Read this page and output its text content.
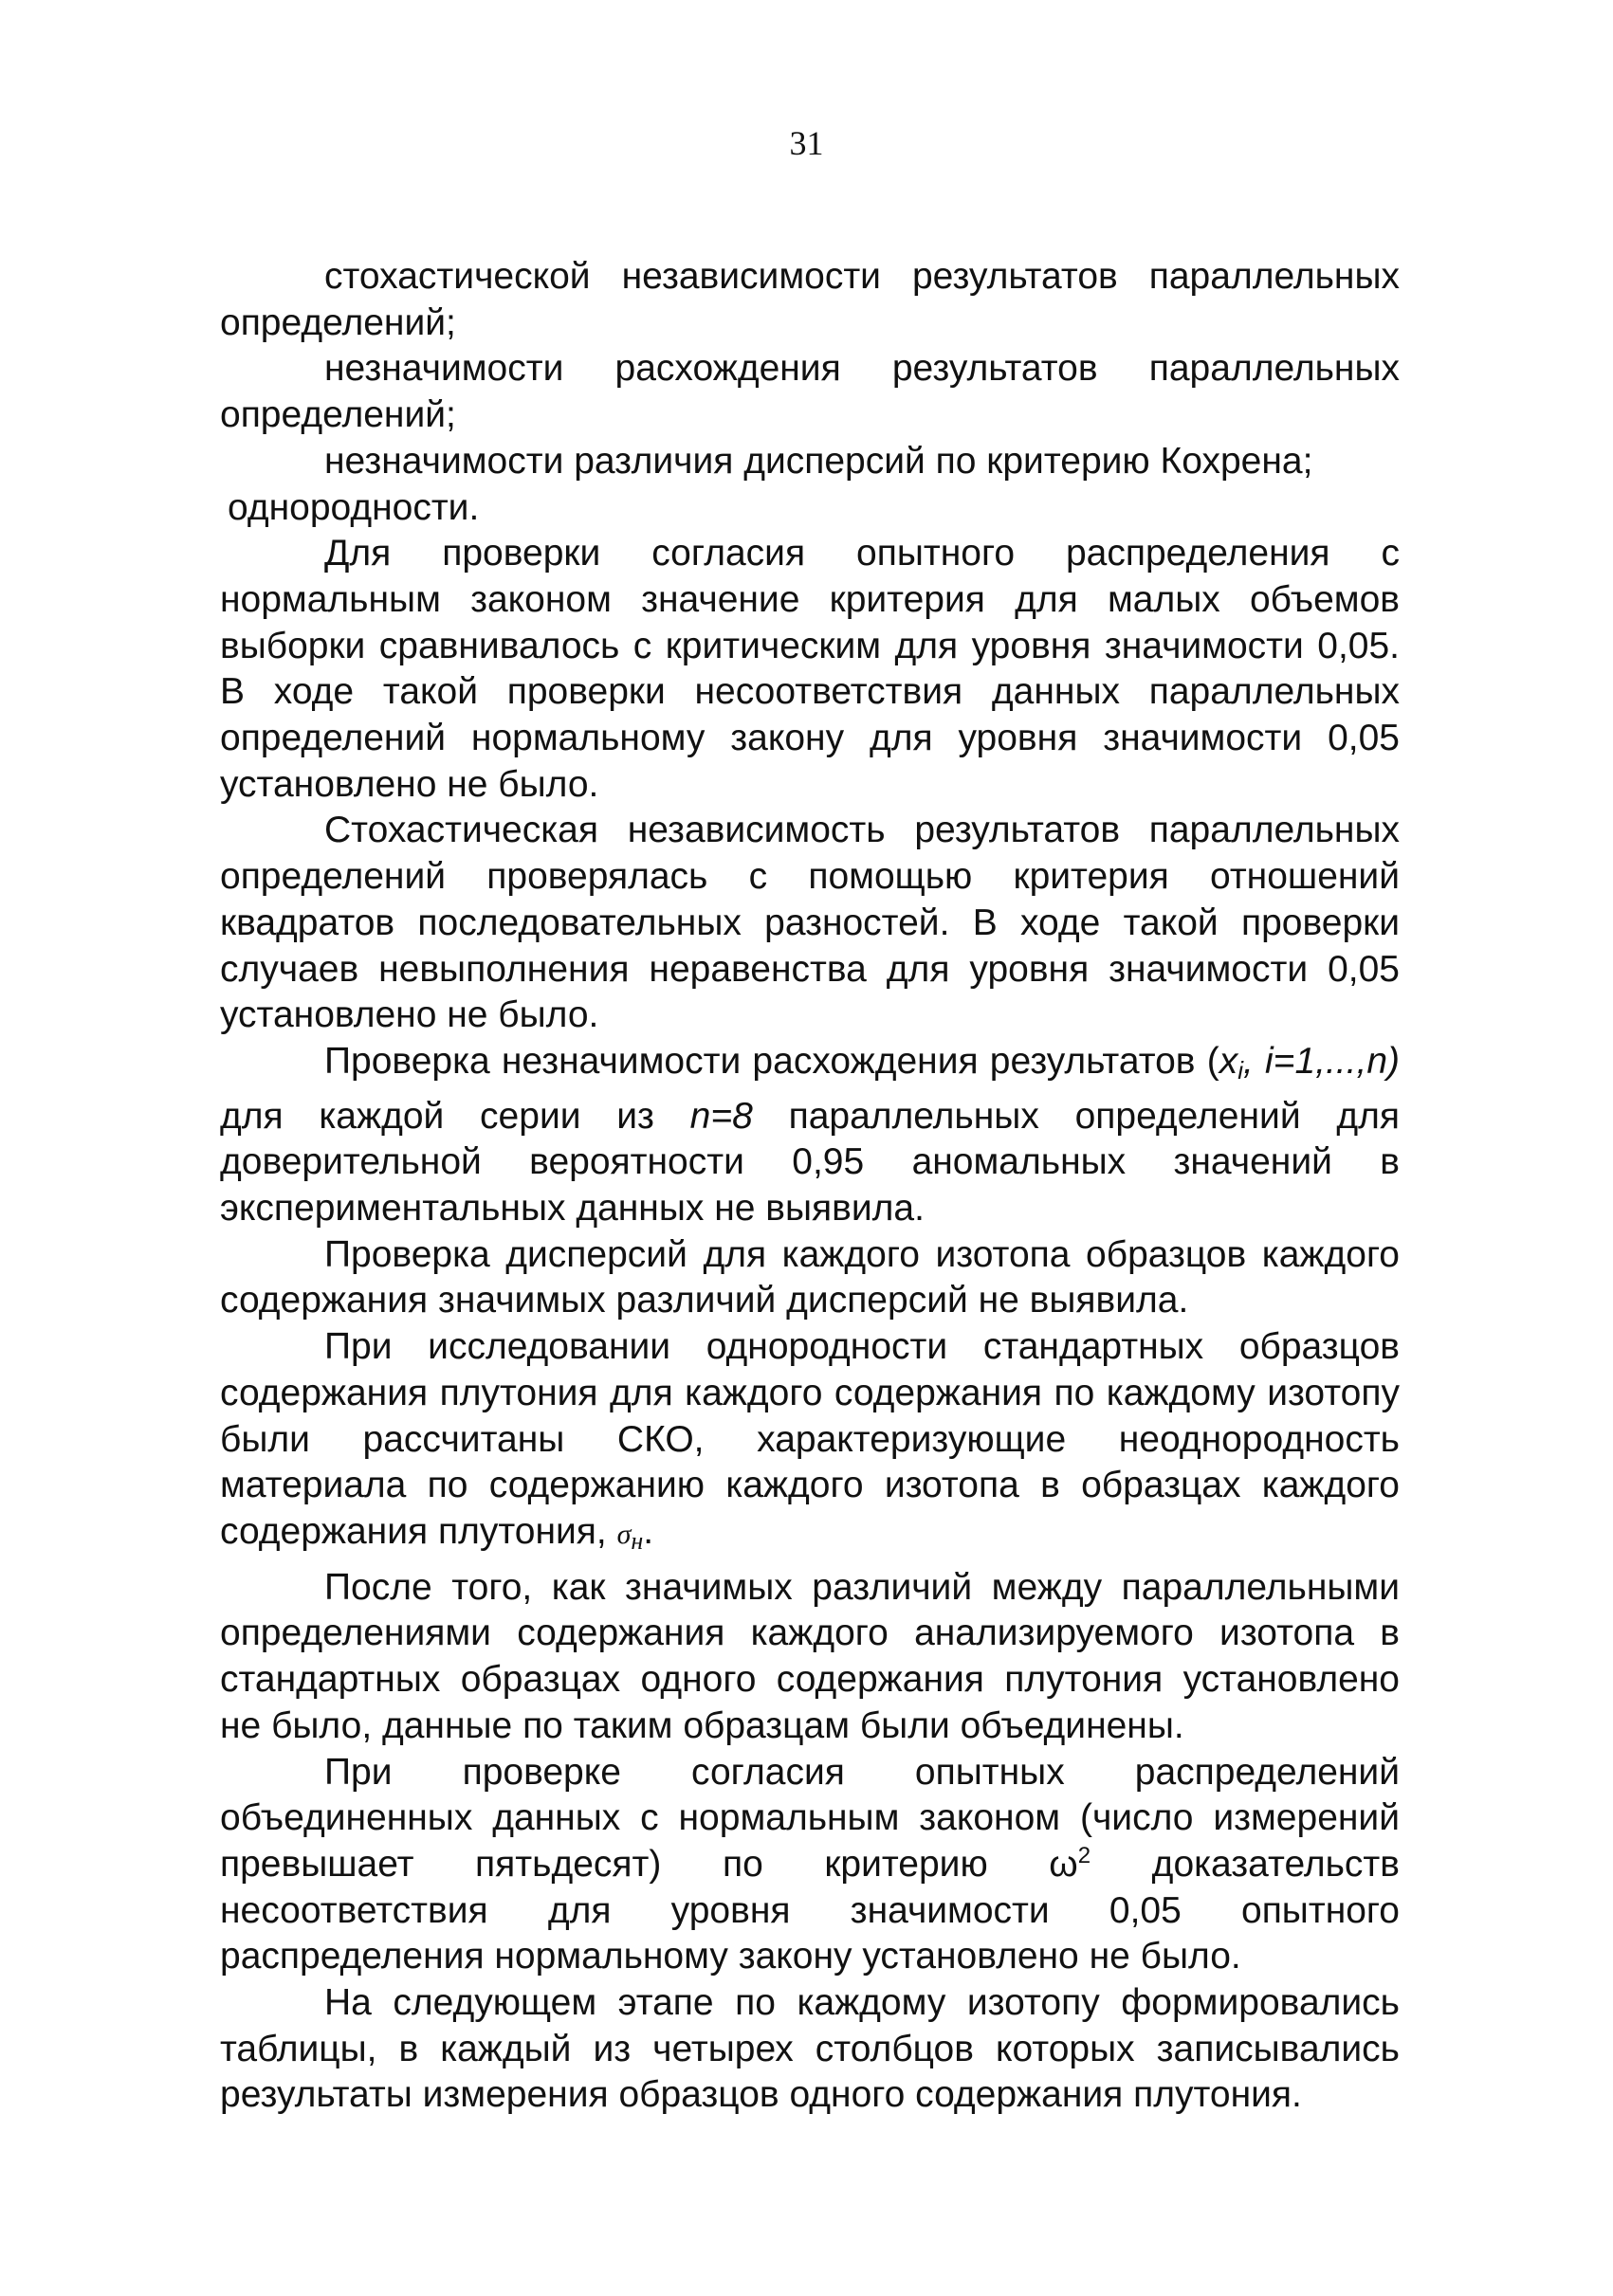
31

стохастической независимости результатов параллельных определений;

незначимости расхождения результатов параллельных определений;

незначимости различия дисперсий по критерию Кохрена;

однородности.

Для проверки согласия опытного распределения с нормальным законом значение критерия для малых объемов выборки сравнивалось с критическим для уровня значимости 0,05. В ходе такой проверки несоответствия данных параллельных определений нормальному закону для уровня значимости 0,05 установлено не было.

Стохастическая независимость результатов параллельных определений проверялась с помощью критерия отношений квадратов последовательных разностей. В ходе такой проверки случаев невыполнения неравенства для уровня значимости 0,05 установлено не было.

Проверка незначимости расхождения результатов ($x_i$, i=1,...,n) для каждой серии из n=8 параллельных определений для доверительной вероятности 0,95 аномальных значений в экспериментальных данных не выявила.

Проверка дисперсий для каждого изотопа образцов каждого содержания значимых различий дисперсий не выявила.

При исследовании однородности стандартных образцов содержания плутония для каждого содержания по каждому изотопу были рассчитаны СКО, характеризующие неоднородность материала по содержанию каждого изотопа в образцах каждого содержания плутония, σн.

После того, как значимых различий между параллельными определениями содержания каждого анализируемого изотопа в стандартных образцах одного содержания плутония установлено не было, данные по таким образцам были объединены.

При проверке согласия опытных распределений объединенных данных с нормальным законом (число измерений превышает пятьдесят) по критерию $\omega^2$ доказательств несоответствия для уровня значимости 0,05 опытного распределения нормальному закону установлено не было.

На следующем этапе по каждому изотопу формировались таблицы, в каждый из четырех столбцов которых записывались результаты измерения образцов одного содержания плутония.
